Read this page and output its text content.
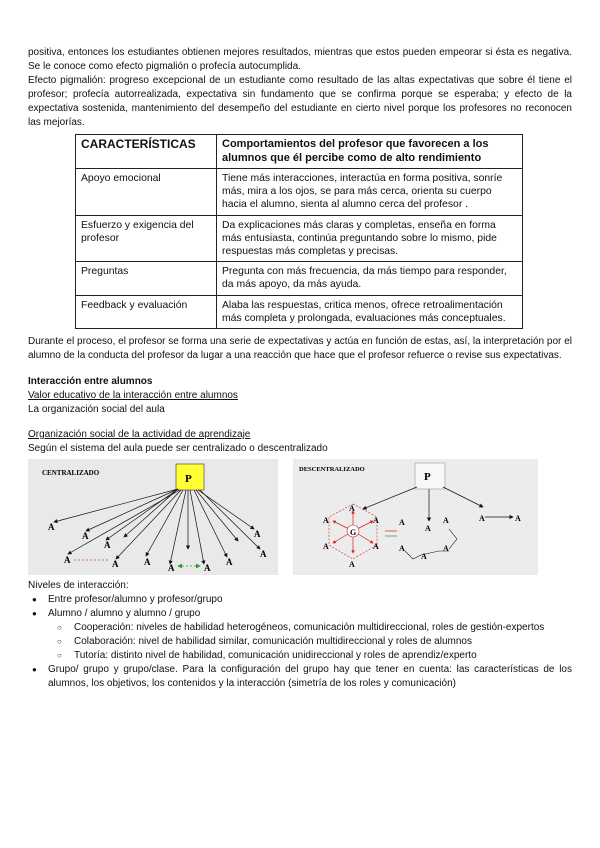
positiva, entonces los estudiantes obtienen mejores resultados, mientras que estos pueden empeorar si ésta es negativa. Se le conoce como efecto pigmalión o profecía autocumplida.

Efecto pigmalión: progreso excepcional de un estudiante como resultado de las altas expectativas que sobre él tiene el profesor; profecía autorrealizada, expectativa sin fundamento que se confirma porque se esperaba; y efecto de la expectativa sostenida, mantenimiento del desempeño del estudiante en cierto nivel porque los profesores no reconocen las mejorías.

CARACTERÍSTICAS	Comportamientos del profesor que favorecen a los alumnos que él percibe como de alto rendimiento
Apoyo emocional	Tiene más interacciones, interactúa en forma positiva, sonríe más, mira a los ojos, se para más cerca, orienta su cuerpo hacia el alumno, sienta al alumno cerca del profesor .
Esfuerzo y exigencia del profesor	Da explicaciones más claras y completas, enseña en forma más entusiasta, continúa preguntando sobre lo mismo, pide respuestas más completas y precisas.
Preguntas	Pregunta con más frecuencia, da más tiempo para responder, da más apoyo, da más ayuda.
Feedback y evaluación	Alaba las respuestas, critica menos, ofrece retroalimentación más completa y prolongada, evaluaciones más conceptuales.

Durante el proceso, el profesor se forma una serie de expectativas y actúa en función de estas, así, la interpretación por el alumno de la conducta del profesor da lugar a una reacción que hace que el profesor refuerce o revise sus expectativas.

Interacción entre alumnos
Valor educativo de la interacción entre alumnos
La organización social del aula
Organización social de la actividad de aprendizaje
Según el sistema del aula puede ser centralizado o descentralizado
CENTRALIZADO	P
A
A
A
A	A	A
A	A
A
A
A
DESCENTRALIZADO
P
G
A
A
A
A
A
A	A
A
A
A
A
A
A	A
Niveles de interacción:
● Entre profesor/alumno y profesor/grupo
● Alumno / alumno y alumno / grupo
○ Cooperación: niveles de habilidad heterogéneos, comunicación multidireccional, roles de gestión-expertos
○ Colaboración: nivel de habilidad similar, comunicación multidireccional y roles de alumnos
○ Tutoría: distinto nivel de habilidad, comunicación unidireccional y roles de aprendiz/experto
● Grupo/ grupo y grupo/clase. Para la configuración del grupo hay que tener en cuenta: las características de los alumnos, los objetivos, los contenidos y la interacción (simetría de los roles y comunicación)
